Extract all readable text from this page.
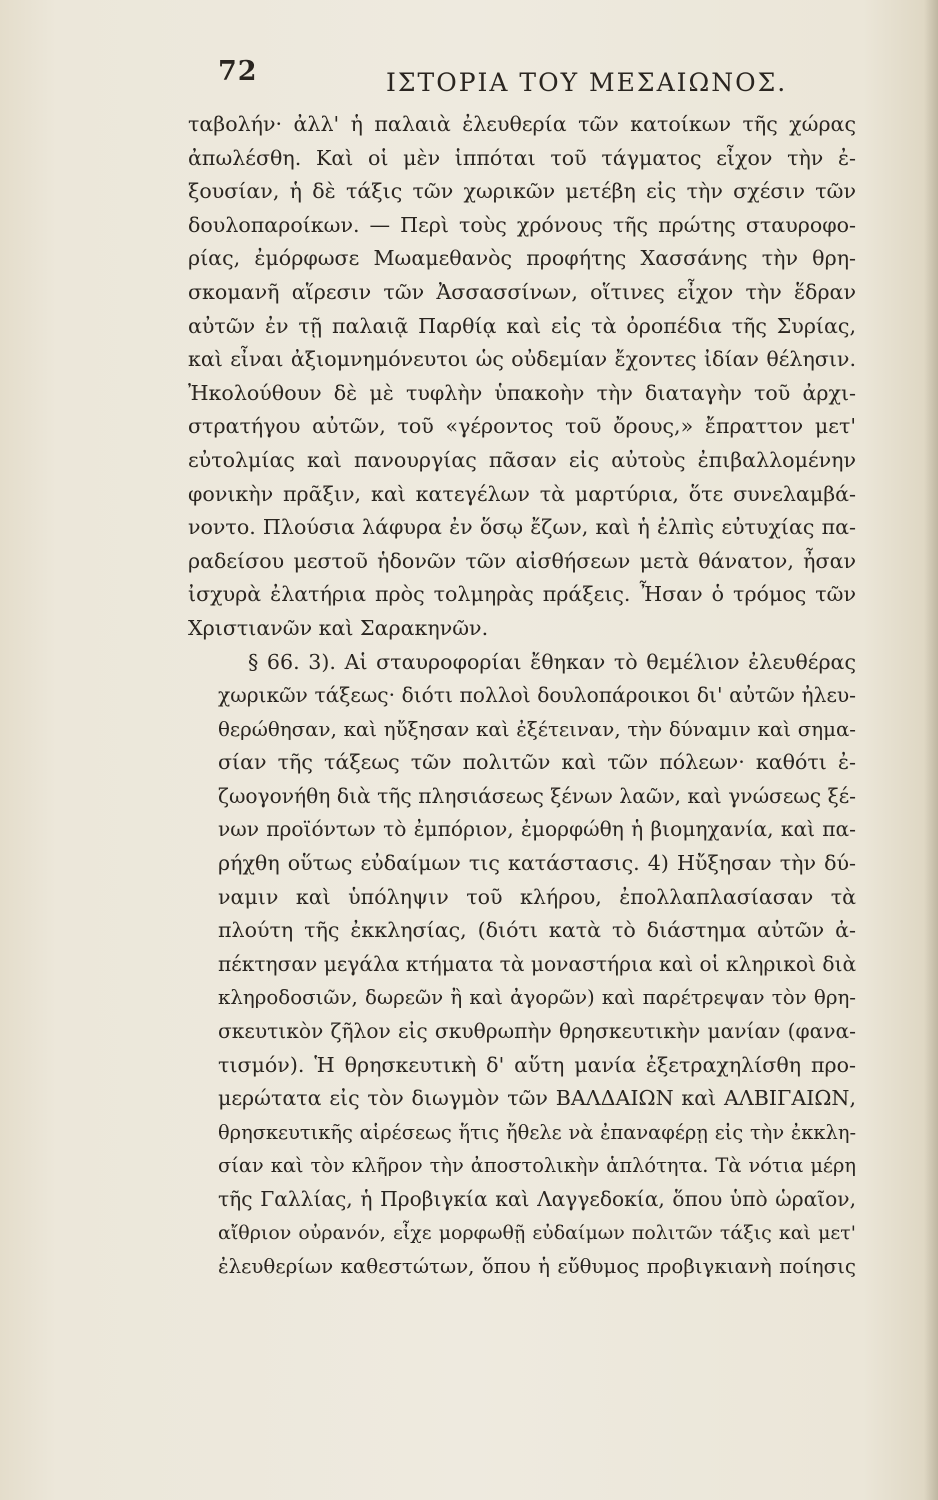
72	ΙΣΤΟΡΙΑ ΤΟΥ ΜΕΣΑΙΩΝΟΣ.

ταβολήν· ἀλλ' ἡ παλαιὰ ἐλευθερία τῶν κατοίκων τῆς χώρας
ἀπωλέσθη. Καὶ οἱ μὲν ἱππόται τοῦ τάγματος εἶχον τὴν ἐ-
ξουσίαν, ἡ δὲ τάξις τῶν χωρικῶν μετέβη εἰς τὴν σχέσιν τῶν
δουλοπαροίκων. — Περὶ τοὺς χρόνους τῆς πρώτης σταυροφο-
ρίας, ἐμόρφωσε Μωαμεθανὸς προφήτης Χασσάνης τὴν θρη-
σκομανῆ αἵρεσιν τῶν Ἀσσασσίνων, οἵτινες εἶχον τὴν ἕδραν
αὐτῶν ἐν τῇ παλαιᾷ Παρθίᾳ καὶ εἰς τὰ ὀροπέδια τῆς Συρίας,
καὶ εἶναι ἀξιομνημόνευτοι ὡς οὐδεμίαν ἔχοντες ἰδίαν θέλησιν.
Ἠκολούθουν δὲ μὲ τυφλὴν ὑπακοὴν τὴν διαταγὴν τοῦ ἀρχι-
στρατήγου αὐτῶν, τοῦ «γέροντος τοῦ ὄρους,» ἔπραττον μετ'
εὐτολμίας καὶ πανουργίας πᾶσαν εἰς αὐτοὺς ἐπιβαλλομένην
φονικὴν πρᾶξιν, καὶ κατεγέλων τὰ μαρτύρια, ὅτε συνελαμβά-
νοντο. Πλούσια λάφυρα ἐν ὅσῳ ἔζων, καὶ ἡ ἐλπὶς εὐτυχίας πα-
ραδείσου μεστοῦ ἡδονῶν τῶν αἰσθήσεων μετὰ θάνατον, ἦσαν
ἰσχυρὰ ἐλατήρια πρὸς τολμηρὰς πράξεις. Ἦσαν ὁ τρόμος τῶν
Χριστιανῶν καὶ Σαρακηνῶν.

§ 66. 3). Αἱ σταυροφορίαι ἔθηκαν τὸ θεμέλιον ἐλευθέρας
χωρικῶν τάξεως· διότι πολλοὶ δουλοπάροικοι δι' αὐτῶν ἠλευ-
θερώθησαν, καὶ ηὔξησαν καὶ ἐξέτειναν, τὴν δύναμιν καὶ σημα-
σίαν τῆς τάξεως τῶν πολιτῶν καὶ τῶν πόλεων· καθότι ἐ-
ζωογονήθη διὰ τῆς πλησιάσεως ξένων λαῶν, καὶ γνώσεως ξέ-
νων προϊόντων τὸ ἐμπόριον, ἐμορφώθη ἡ βιομηχανία, καὶ πα-
ρήχθη οὕτως εὐδαίμων τις κατάστασις. 4) Ηὔξησαν τὴν δύ-
ναμιν καὶ ὑπόληψιν τοῦ κλήρου, ἐπολλαπλασίασαν τὰ
πλούτη τῆς ἐκκλησίας, (διότι κατὰ τὸ διάστημα αὐτῶν ἀ-
πέκτησαν μεγάλα κτήματα τὰ μοναστήρια καὶ οἱ κληρικοὶ διὰ
κληροδοσιῶν, δωρεῶν ἢ καὶ ἀγορῶν) καὶ παρέτρεψαν τὸν θρη-
σκευτικὸν ζῆλον εἰς σκυθρωπὴν θρησκευτικὴν μανίαν (φανα-
τισμόν). Ἡ θρησκευτικὴ δ' αὕτη μανία ἐξετραχηλίσθη προ-
μερώτατα εἰς τὸν διωγμὸν τῶν ΒΑΛΔΑΙΩΝ καὶ ΑΛΒΙΓΑΙΩΝ,
θρησκευτικῆς αἱρέσεως ἥτις ἤθελε νὰ ἐπαναφέρῃ εἰς τὴν ἐκκλη-
σίαν καὶ τὸν κλῆρον τὴν ἀποστολικὴν ἁπλότητα. Τὰ νότια μέρη
τῆς Γαλλίας, ἡ Προβιγκία καὶ Λαγγεδοκία, ὅπου ὑπὸ ὡραῖον,
αἴθριον οὐρανόν, εἶχε μορφωθῇ εὐδαίμων πολιτῶν τάξις καὶ μετ'
ἐλευθερίων καθεστώτων, ὅπου ἡ εὔθυμος προβιγκιανὴ ποίησις
